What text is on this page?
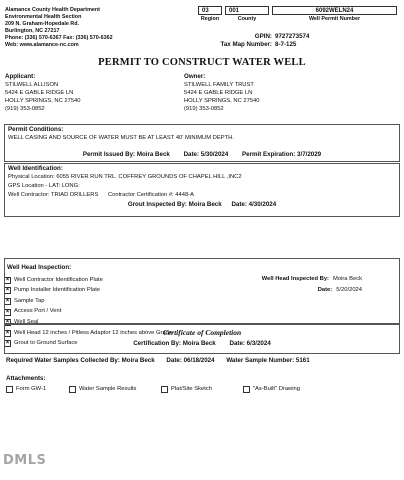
Alamance County Health Department
Environmental Health Section
209 N. Graham-Hopedale Rd.
Burlington, NC 27217
Phone: (336) 570-6367 Fax: (336) 570-6362
Web: www.alamance-nc.com
03	001	6092WELN24
Region	County	Well Permit Number
GPIN: 9727273574
Tax Map Number: 8-7-125
PERMIT TO CONSTRUCT WATER WELL
Applicant:
STILWELL ALLISON
5424 E GABLE RIDGE LN
HOLLY SPRINGS, NC 27540
(919) 353-0852
Owner:
STILWELL FAMILY TRUST
5424 E GABLE RIDGE LN
HOLLY SPRINGS, NC 27540
(919) 353-0852
Permit Conditions:
WELL CASING AND SOURCE OF WATER MUST BE AT LEAST 40' MINIMUM DEPTH.
Permit Issued By: Moira Beck Date: 5/30/2024 Permit Expiration: 3/7/2029
Well Identification:
Physical Location: 6055 RIVER RUN TRL. COFFREY GROUNDS OF CHAPEL HILL ,INC2
GPS Location - LAT: LONG:
Well Contractor: TRIAD DRILLERS Contractor Certification #: 4448-A
Grout Inspected By: Moira Beck Date: 4/30/2024
Well Head Inspection:
× Well Contractor Identification Plate
× Pump Installer Identification Plate
× Sample Tap
× Access Port / Vent
× Well Seal
× Well Head 12 inches / Pitless Adaptor 12 inches above Grade
× Grout to Ground Surface
Well Head Inspected By: Moira Beck
Date: 5/20/2024
Certificate of Completion
Certification By: Moira Beck Date: 6/3/2024
Required Water Samples Collected By: Moira Beck Date: 06/18/2024 Water Sample Number: 5161
Attachments:
Form GW-1	Water Sample Results	Plat/Site Sketch	"As-Built" Drawing
DMLS
